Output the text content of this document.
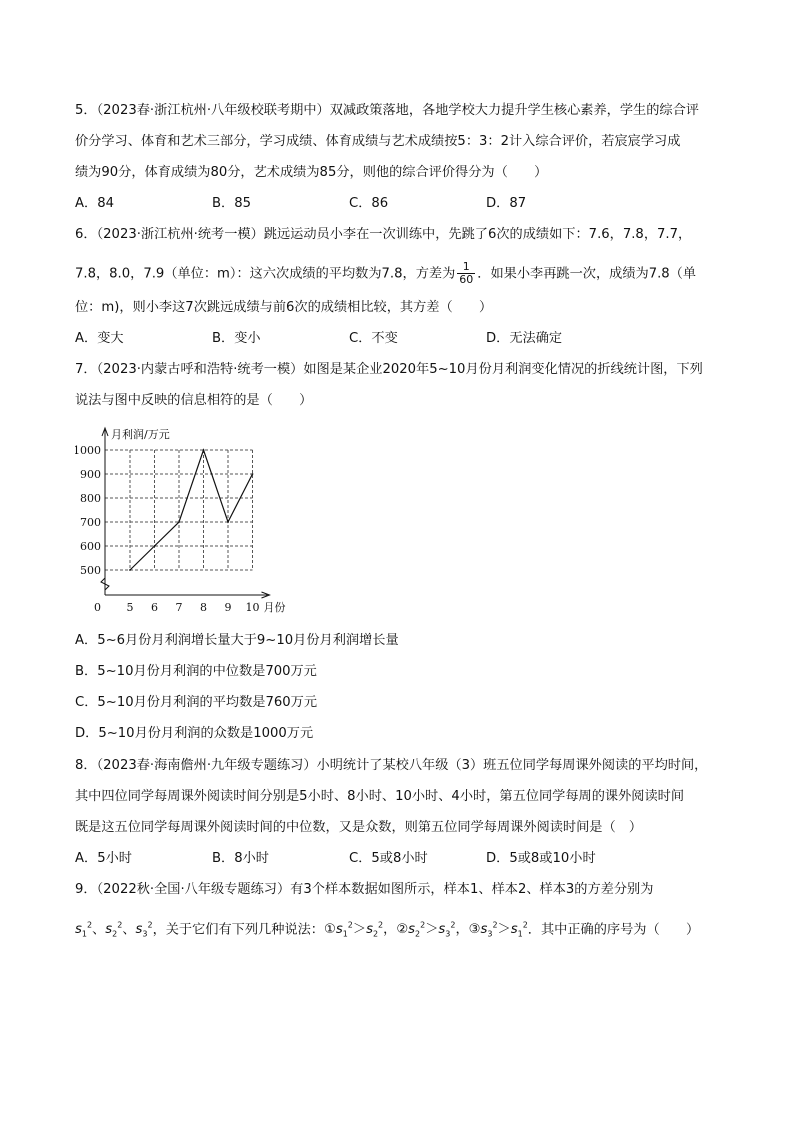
5．（2023春·浙江杭州·八年级校联考期中）双减政策落地，各地学校大力提升学生核心素养，学生的综合评
价分学习、体育和艺术三部分，学习成绩、体育成绩与艺术成绩按5：3：2计入综合评价，若宸宸学习成
绩为90分，体育成绩为80分，艺术成绩为85分，则他的综合评价得分为（　　）
A．84	B．85	C．86	D．87
6．（2023·浙江杭州·统考一模）跳远运动员小李在一次训练中，先跳了6次的成绩如下：7.6，7.8，7.7，
7.8，8.0，7.9（单位：m）：这六次成绩的平均数为7.8，方差为 $\frac{1}{60}$ ．如果小李再跳一次，成绩为7.8（单
位：m)，则小李这7次跳远成绩与前6次的成绩相比较，其方差（　　）
A．变大	B．变小	C．不变	D．无法确定
7．（2023·内蒙古呼和浩特·统考一模）如图是某企业2020年5~10月份月利润变化情况的折线统计图，下列
说法与图中反映的信息相符的是（　　）
5 6 7 8 9 10
500
600
700
800
900
1000
0
月利润/万元
月份
A．5~6月份月利润增长量大于9~10月份月利润增长量
B．5~10月份月利润的中位数是700万元
C．5~10月份月利润的平均数是760万元
D．5~10月份月利润的众数是1000万元
8．（2023春·海南儋州·九年级专题练习）小明统计了某校八年级（3）班五位同学每周课外阅读的平均时间，
其中四位同学每周课外阅读时间分别是5小时、8小时、10小时、4小时，第五位同学每周的课外阅读时间
既是这五位同学每周课外阅读时间的中位数，又是众数，则第五位同学每周课外阅读时间是（　）
A．5小时	B．8小时	C．5或8小时	D．5或8或10小时
9．（2022秋·全国·八年级专题练习）有3个样本数据如图所示，样本1、样本2、样本3的方差分别为
$s_1^2$、$s_2^2$、$s_3^2$，关于它们有下列几种说法：$①s_1^2>s_2^2$，$②s_2^2>s_3^2$，$③s_3^2>s_1^2$．其中正确的序号为（　　）
